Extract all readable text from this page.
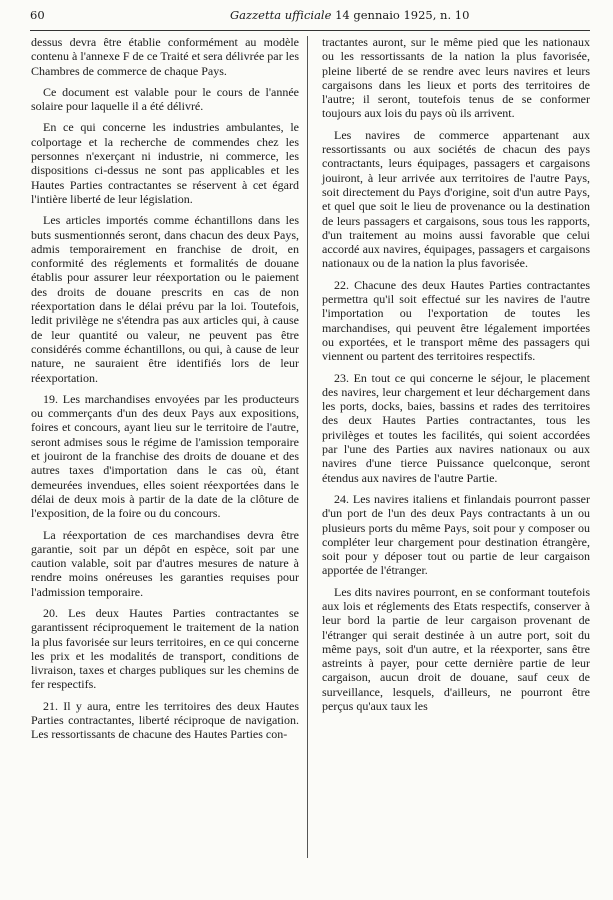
60	Gazzetta ufficiale 14 gennaio 1925, n. 10

dessus devra être établie conformément au modèle contenu à l'annexe F de ce Traité et sera délivrée par les Chambres de commerce de chaque Pays.

Ce document est valable pour le cours de l'année solaire pour laquelle il a été délivré.

En ce qui concerne les industries ambulantes, le colportage et la recherche de commendes chez les personnes n'exerçant ni industrie, ni commerce, les dispositions ci-dessus ne sont pas applicables et les Hautes Parties contractantes se réservent à cet égard l'intière liberté de leur législation.

Les articles importés comme échantillons dans les buts susmentionnés seront, dans chacun des deux Pays, admis temporairement en franchise de droit, en conformité des réglements et formalités de douane établis pour assurer leur réexportation ou le paiement des droits de douane prescrits en cas de non réexportation dans le délai prévu par la loi. Toutefois, ledit privilège ne s'étendra pas aux articles qui, à cause de leur quantité ou valeur, ne peuvent pas être considérés comme échantillons, ou qui, à cause de leur nature, ne sauraient être identifiés lors de leur réexportation.

19. Les marchandises envoyées par les producteurs ou commerçants d'un des deux Pays aux expositions, foires et concours, ayant lieu sur le territoire de l'autre, seront admises sous le régime de l'amission temporaire et jouiront de la franchise des droits de douane et des autres taxes d'importation dans le cas où, étant demeurées invendues, elles soient réexportées dans le délai de deux mois à partir de la date de la clôture de l'exposition, de la foire ou du concours.

La réexportation de ces marchandises devra être garantie, soit par un dépôt en espèce, soit par une caution valable, soit par d'autres mesures de nature à rendre moins onéreuses les garanties requises pour l'admission temporaire.

20. Les deux Hautes Parties contractantes se garantissent réciproquement le traitement de la nation la plus favorisée sur leurs territoires, en ce qui concerne les prix et les modalités de transport, conditions de livraison, taxes et charges publiques sur les chemins de fer respectifs.

21. Il y aura, entre les territoires des deux Hautes Parties contractantes, liberté réciproque de navigation. Les ressortissants de chacune des Hautes Parties con-

tractantes auront, sur le même pied que les nationaux ou les ressortissants de la nation la plus favorisée, pleine liberté de se rendre avec leurs navires et leurs cargaisons dans les lieux et ports des territoires de l'autre; il seront, toutefois tenus de se conformer toujours aux lois du pays où ils arrivent.

Les navires de commerce appartenant aux ressortissants ou aux sociétés de chacun des pays contractants, leurs équipages, passagers et cargaisons jouiront, à leur arrivée aux territoires de l'autre Pays, soit directement du Pays d'origine, soit d'un autre Pays, et quel que soit le lieu de provenance ou la destination de leurs passagers et cargaisons, sous tous les rapports, d'un traitement au moins aussi favorable que celui accordé aux navires, équipages, passagers et cargaisons nationaux ou de la nation la plus favorisée.

22. Chacune des deux Hautes Parties contractantes permettra qu'il soit effectué sur les navires de l'autre l'importation ou l'exportation de toutes les marchandises, qui peuvent être légalement importées ou exportées, et le transport même des passagers qui viennent ou partent des territoires respectifs.

23. En tout ce qui concerne le séjour, le placement des navires, leur chargement et leur déchargement dans les ports, docks, baies, bassins et rades des territoires des deux Hautes Parties contractantes, tous les privilèges et toutes les facilités, qui soient accordées par l'une des Parties aux navires nationaux ou aux navires d'une tierce Puissance quelconque, seront étendus aux navires de l'autre Partie.

24. Les navires italiens et finlandais pourront passer d'un port de l'un des deux Pays contractants à un ou plusieurs ports du même Pays, soit pour y composer ou compléter leur chargement pour destination étrangère, soit pour y déposer tout ou partie de leur cargaison apportée de l'étranger.

Les dits navires pourront, en se conformant toutefois aux lois et réglements des Etats respectifs, conserver à leur bord la partie de leur cargaison provenant de l'étranger qui serait destinée à un autre port, soit du même pays, soit d'un autre, et la réexporter, sans être astreints à payer, pour cette dernière partie de leur cargaison, aucun droit de douane, sauf ceux de surveillance, lesquels, d'ailleurs, ne pourront être perçus qu'aux taux les
